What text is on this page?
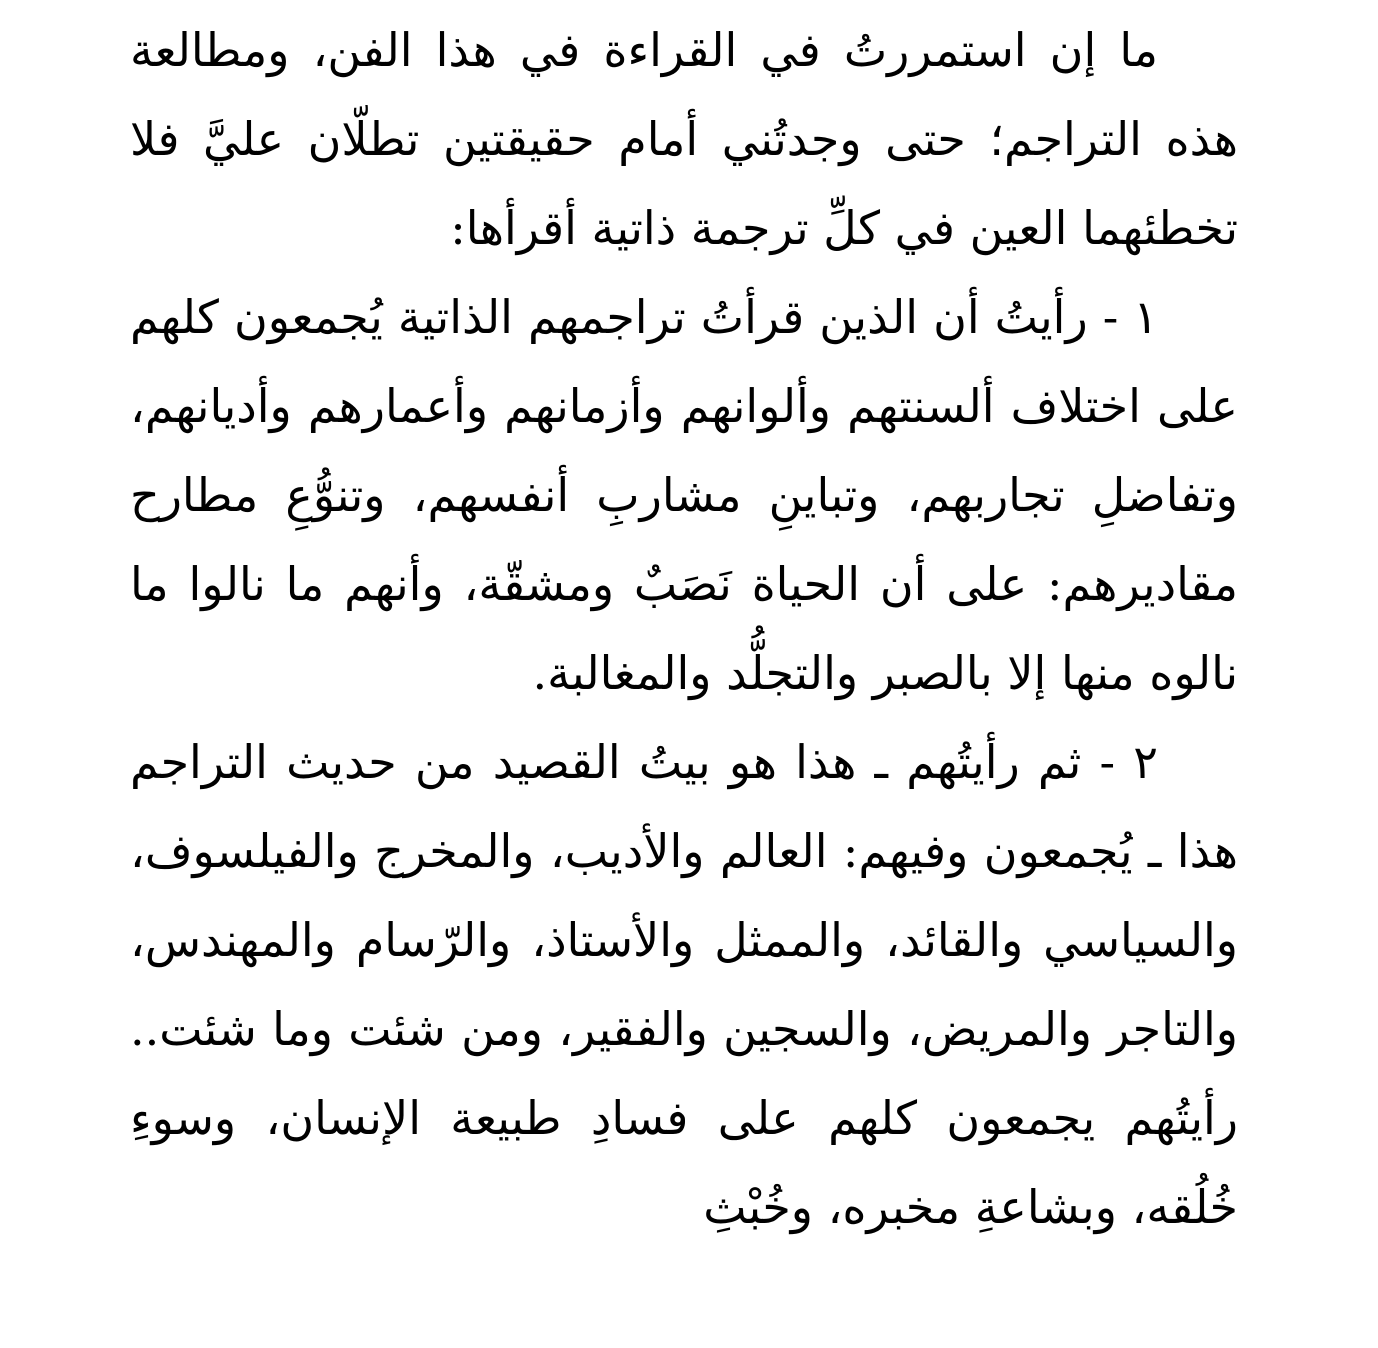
ما إن استمررتُ في القراءة في هذا الفن، ومطالعة هذه التراجم؛ حتى وجدتُني أمام حقيقتين تطلّان عليَّ فلا تخطئهما العين في كلِّ ترجمة ذاتية أقرأها:

١ - رأيتُ أن الذين قرأتُ تراجمهم الذاتية يُجمعون كلهم على اختلاف ألسنتهم وألوانهم وأزمانهم وأعمارهم وأديانهم، وتفاضلِ تجاربهم، وتباينِ مشاربِ أنفسهم، وتنوُّعِ مطارح مقاديرهم: على أن الحياة نَصَبٌ ومشقّة، وأنهم ما نالوا ما نالوه منها إلا بالصبر والتجلُّد والمغالبة.

٢ - ثم رأيتُهم ـ هذا هو بيتُ القصيد من حديث التراجم هذا ـ يُجمعون وفيهم: العالم والأديب، والمخرج والفيلسوف، والسياسي والقائد، والممثل والأستاذ، والرّسام والمهندس، والتاجر والمريض، والسجين والفقير، ومن شئت وما شئت.. رأيتُهم يجمعون كلهم على فسادِ طبيعة الإنسان، وسوءِ خُلُقه، وبشاعةِ مخبره، وخُبْثِ
